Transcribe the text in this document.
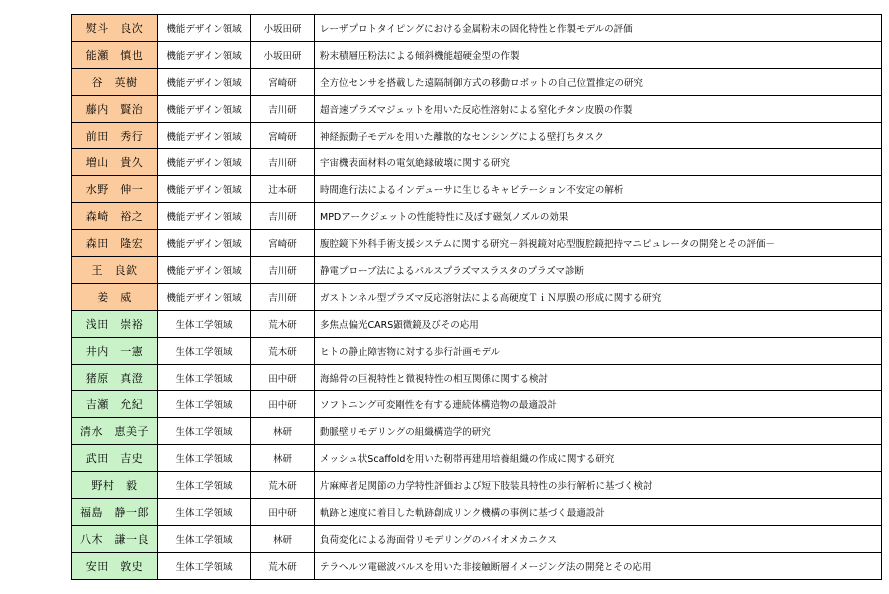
熨斗　良次	機能デザイン領域	小坂田研	レーザプロトタイピングにおける金属粉末の固化特性と作製モデルの評価
能瀬　慎也	機能デザイン領域	小坂田研	粉末積層圧粉法による傾斜機能超硬金型の作製
谷　英樹	機能デザイン領域	宮崎研	全方位センサを搭載した遠隔制御方式の移動ロボットの自己位置推定の研究
藤内　賢治	機能デザイン領域	吉川研	超音速プラズマジェットを用いた反応性溶射による窒化チタン皮膜の作製
前田　秀行	機能デザイン領域	宮崎研	神経振動子モデルを用いた離散的なセンシングによる壁打ちタスク
増山　貴久	機能デザイン領域	吉川研	宇宙機表面材料の電気絶縁破壊に関する研究
水野　伸一	機能デザイン領域	辻本研	時間進行法によるインデューサに生じるキャビテーション不安定の解析
森崎　裕之	機能デザイン領域	吉川研	MPDアークジェットの性能特性に及ぼす磁気ノズルの効果
森田　隆宏	機能デザイン領域	宮崎研	腹腔鏡下外科手術支援システムに関する研究－斜視鏡対応型腹腔鏡把持マニピュレータの開発とその評価－
王　良欽	機能デザイン領域	吉川研	静電プローブ法によるパルスプラズマスラスタのプラズマ診断
姜　威	機能デザイン領域	吉川研	ガストンネル型プラズマ反応溶射法による高硬度ＴｉＮ厚膜の形成に関する研究
浅田　崇裕	生体工学領域	荒木研	多焦点偏光CARS顕微鏡及びその応用
井内　一憲	生体工学領域	荒木研	ヒトの静止障害物に対する歩行計画モデル
猪原　真澄	生体工学領域	田中研	海綿骨の巨視特性と微視特性の相互関係に関する検討
吉瀬　允紀	生体工学領域	田中研	ソフトニング可変剛性を有する連続体構造物の最適設計
清水　恵美子	生体工学領域	林研	動脈壁リモデリングの組織構造学的研究
武田　吉史	生体工学領域	林研	メッシュ状Scaffoldを用いた靭帯再建用培養組織の作成に関する研究
野村　毅	生体工学領域	荒木研	片麻痺者足関節の力学特性評価および短下肢装具特性の歩行解析に基づく検討
福島　静一郎	生体工学領域	田中研	軌跡と速度に着目した軌跡創成リンク機構の事例に基づく最適設計
八木　謙一良	生体工学領域	林研	負荷変化による海面骨リモデリングのバイオメカニクス
安田　敦史	生体工学領域	荒木研	テラヘルツ電磁波パルスを用いた非接触断層イメージング法の開発とその応用
